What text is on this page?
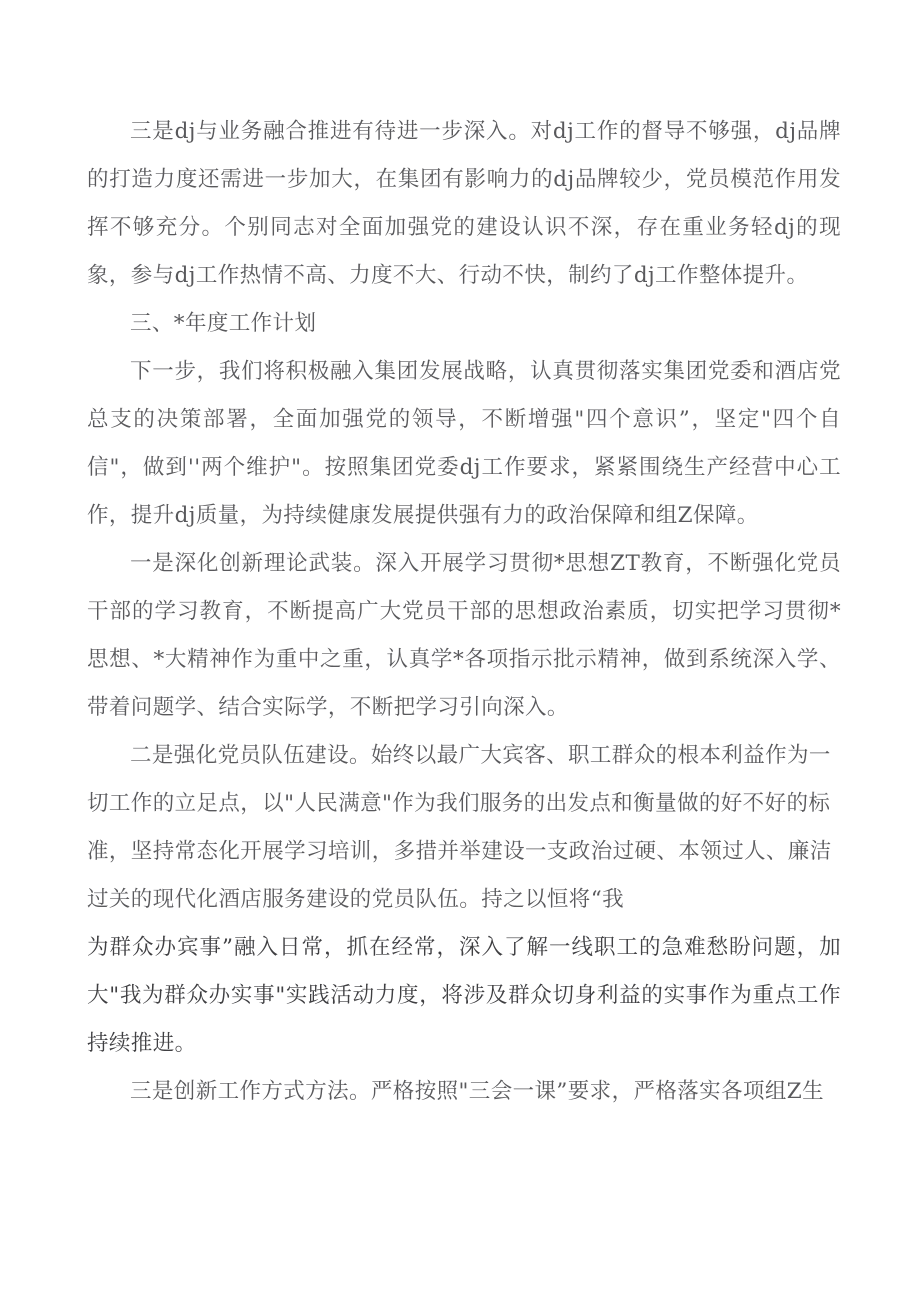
三是dj与业务融合推进有待进一步深入。对dj工作的督导不够强，dj品牌的打造力度还需进一步加大，在集团有影响力的dj品牌较少，党员模范作用发挥不够充分。个别同志对全面加强党的建设认识不深，存在重业务轻dj的现象，参与dj工作热情不高、力度不大、行动不快，制约了dj工作整体提升。

三、*年度工作计划

下一步，我们将积极融入集团发展战略，认真贯彻落实集团党委和酒店党总支的决策部署，全面加强党的领导，不断增强"四个意识”，坚定"四个自信"，做到''两个维护"。按照集团党委dj工作要求，紧紧围绕生产经营中心工作，提升dj质量，为持续健康发展提供强有力的政治保障和组Z保障。

一是深化创新理论武装。深入开展学习贯彻*思想ZT教育，不断强化党员干部的学习教育，不断提高广大党员干部的思想政治素质，切实把学习贯彻*思想、*大精神作为重中之重，认真学*各项指示批示精神，做到系统深入学、带着问题学、结合实际学，不断把学习引向深入。

二是强化党员队伍建设。始终以最广大宾客、职工群众的根本利益作为一切工作的立足点，以"人民满意"作为我们服务的出发点和衡量做的好不好的标准，坚持常态化开展学习培训，多措并举建设一支政治过硬、本领过人、廉洁过关的现代化酒店服务建设的党员队伍。持之以恒将“我

为群众办宾事”融入日常，抓在经常，深入了解一线职工的急难愁盼问题，加大"我为群众办实事"实践活动力度，将涉及群众切身利益的实事作为重点工作持续推进。

三是创新工作方式方法。严格按照"三会一课”要求，严格落实各项组Z生
